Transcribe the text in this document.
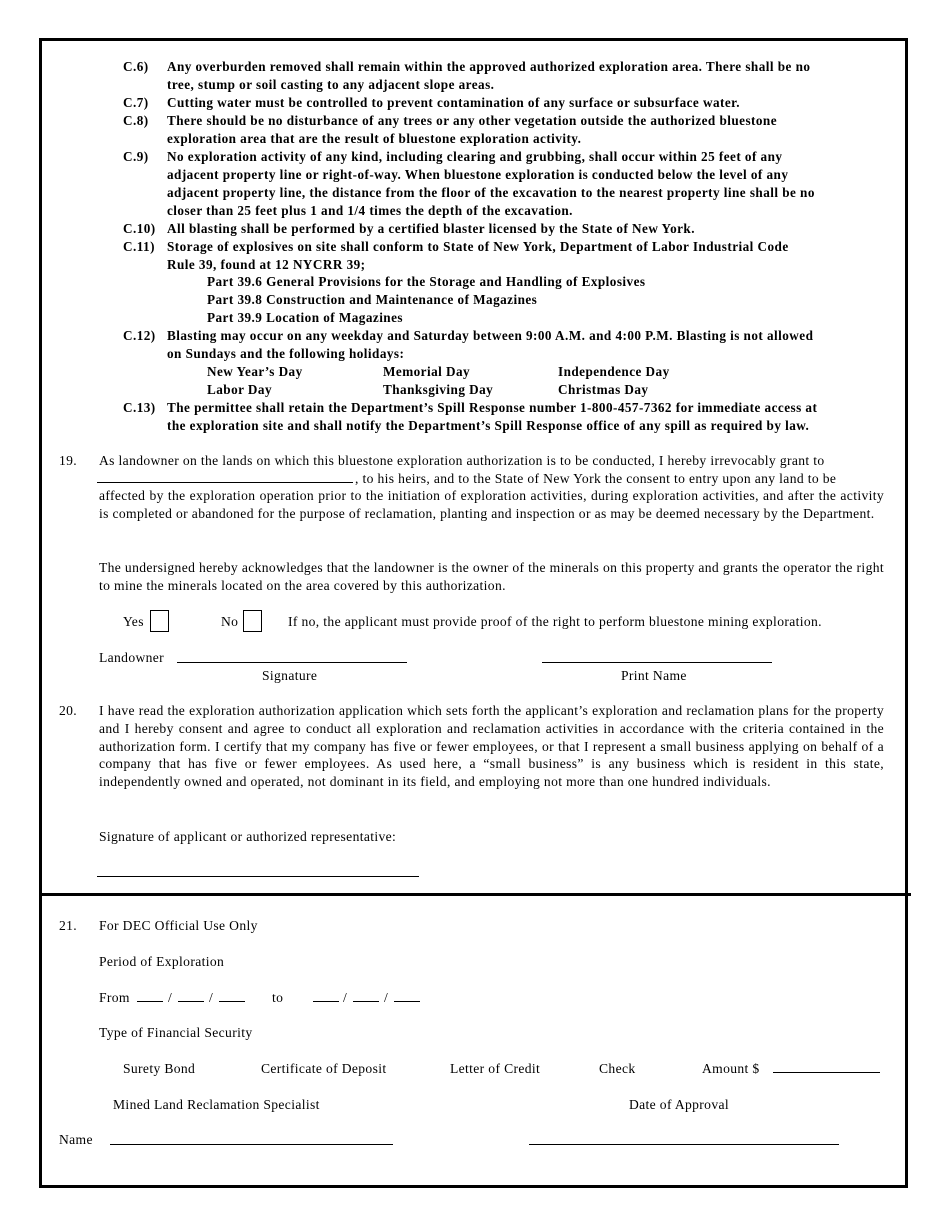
C.6) Any overburden removed shall remain within the approved authorized exploration area. There shall be no
tree, stump or soil casting to any adjacent slope areas.
C.7) Cutting water must be controlled to prevent contamination of any surface or subsurface water.
C.8) There should be no disturbance of any trees or any other vegetation outside the authorized bluestone
exploration area that are the result of bluestone exploration activity.
C.9) No exploration activity of any kind, including clearing and grubbing, shall occur within 25 feet of any
adjacent property line or right-of-way. When bluestone exploration is conducted below the level of any
adjacent property line, the distance from the floor of the excavation to the nearest property line shall be no
closer than 25 feet plus 1 and 1/4 times the depth of the excavation.
C.10) All blasting shall be performed by a certified blaster licensed by the State of New York.
C.11) Storage of explosives on site shall conform to State of New York, Department of Labor Industrial Code
Rule 39, found at 12 NYCRR 39;
Part 39.6 General Provisions for the Storage and Handling of Explosives
Part 39.8 Construction and Maintenance of Magazines
Part 39.9 Location of Magazines
C.12) Blasting may occur on any weekday and Saturday between 9:00 A.M. and 4:00 P.M. Blasting is not allowed
on Sundays and the following holidays:
New Year’s Day	Memorial Day	Independence Day
Labor Day	Thanksgiving Day	Christmas Day
C.13) The permittee shall retain the Department’s Spill Response number 1-800-457-7362 for immediate access at
the exploration site and shall notify the Department’s Spill Response office of any spill as required by law.
19. As landowner on the lands on which this bluestone exploration authorization is to be conducted, I hereby irrevocably grant to
, to his heirs, and to the State of New York the consent to entry upon any land to be
affected by the exploration operation prior to the initiation of exploration activities, during exploration activities, and after the activity is completed or abandoned for the purpose of reclamation, planting and inspection or as may be deemed necessary by the Department.
The undersigned hereby acknowledges that the landowner is the owner of the minerals on this property and grants the operator the right to mine the minerals located on the area covered by this authorization.
Yes	No	If no, the applicant must provide proof of the right to perform bluestone mining exploration.
Landowner
Signature	Print Name
20. I have read the exploration authorization application which sets forth the applicant’s exploration and reclamation plans for the property and I hereby consent and agree to conduct all exploration and reclamation activities in accordance with the criteria contained in the authorization form. I certify that my company has five or fewer employees, or that I represent a small business applying on behalf of a company that has five or fewer employees. As used here, a “small business” is any business which is resident in this state, independently owned and operated, not dominant in its field, and employing not more than one hundred individuals.
Signature of applicant or authorized representative:
21. For DEC Official Use Only
Period of Exploration
From	/	/	to	/	/
Type of Financial Security
Surety Bond	Certificate of Deposit	Letter of Credit	Check	Amount $
Mined Land Reclamation Specialist	Date of Approval
Name
